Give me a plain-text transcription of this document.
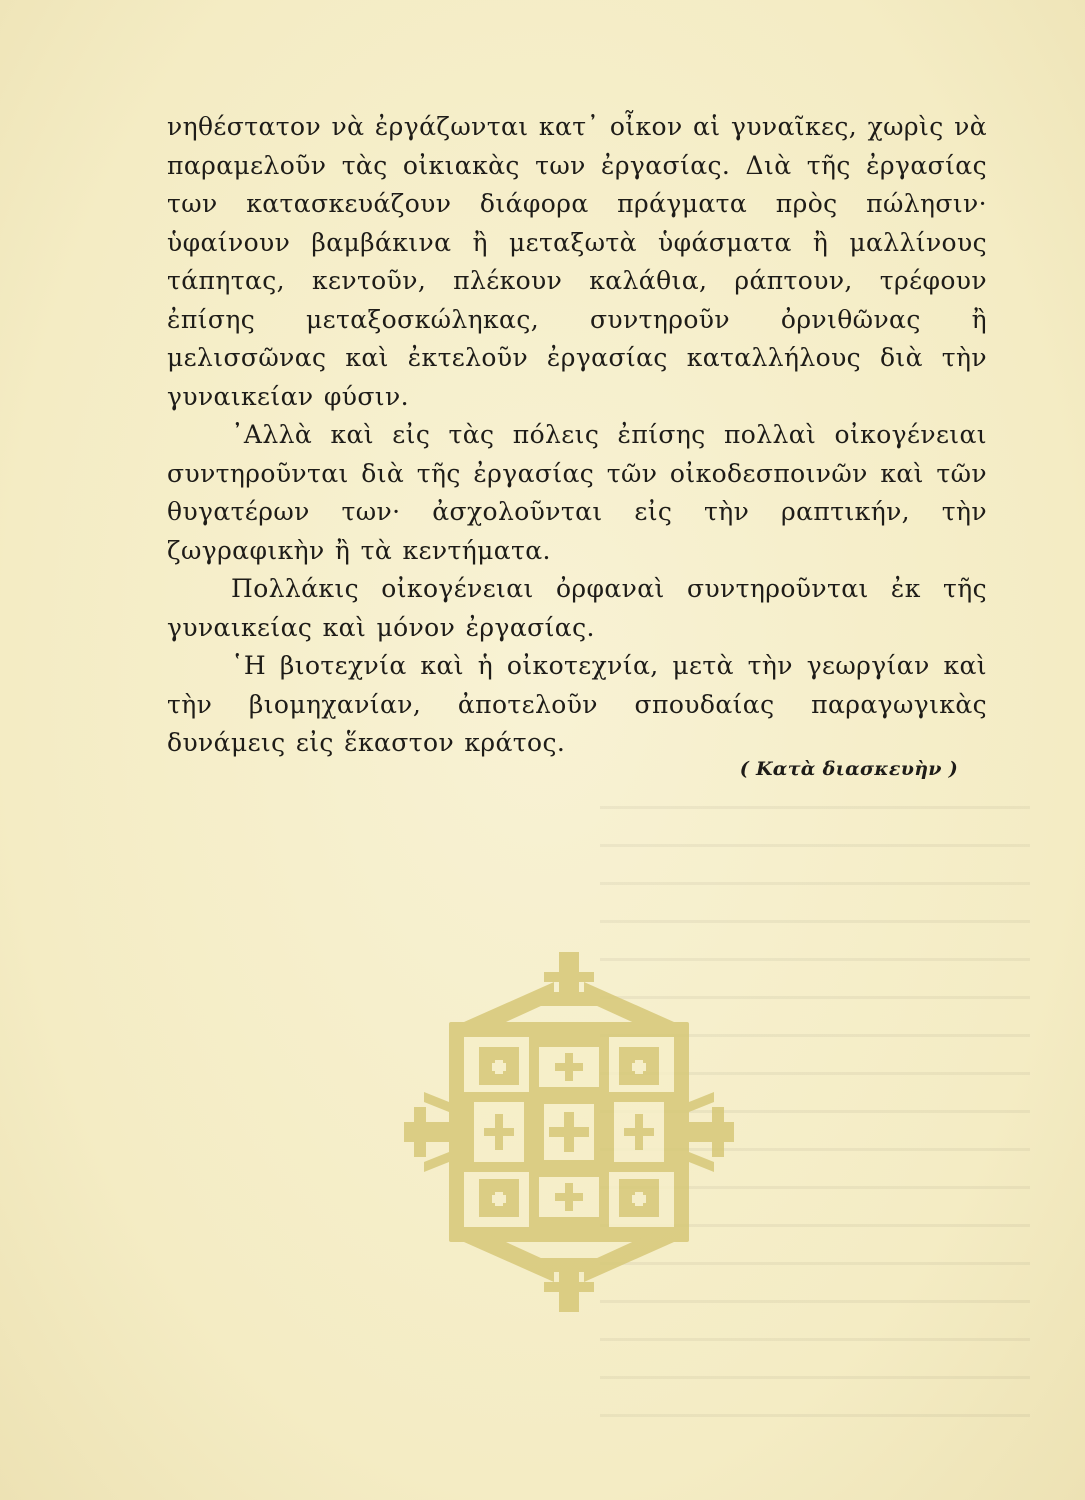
νηθέστατον νὰ ἐργάζωνται κατ᾽ οἶκον αἱ γυναῖκες, χωρὶς νὰ παραμελοῦν τὰς οἰκιακὰς των ἐργασίας. Διὰ τῆς ἐργασίας των κατασκευάζουν διάφορα πράγματα πρὸς πώλησιν· ὑφαίνουν βαμβάκινα ἢ μεταξωτὰ ὑφάσματα ἢ μαλλίνους τάπητας, κεντοῦν, πλέκουν καλάθια, ράπτουν, τρέφουν ἐπίσης μεταξοσκώληκας, συντηροῦν ὀρνιθῶνας ἢ μελισσῶνας καὶ ἐκτελοῦν ἐργασίας καταλλήλους διὰ τὴν γυναικείαν φύσιν.

᾿Αλλὰ καὶ εἰς τὰς πόλεις ἐπίσης πολλαὶ οἰκογένειαι συντηροῦνται διὰ τῆς ἐργασίας τῶν οἰκοδεσποινῶν καὶ τῶν θυγατέρων των· ἀσχολοῦνται εἰς τὴν ραπτικήν, τὴν ζωγραφικὴν ἢ τὰ κεντήματα.

Πολλάκις οἰκογένειαι ὀρφαναὶ συντηροῦνται ἐκ τῆς γυναικείας καὶ μόνον ἐργασίας.

῾Η βιοτεχνία καὶ ἡ οἰκοτεχνία, μετὰ τὴν γεωργίαν καὶ τὴν βιομηχανίαν, ἀποτελοῦν σπουδαίας παραγωγικὰς δυνάμεις εἰς ἕκαστον κράτος.

( Κατὰ διασκευὴν )
